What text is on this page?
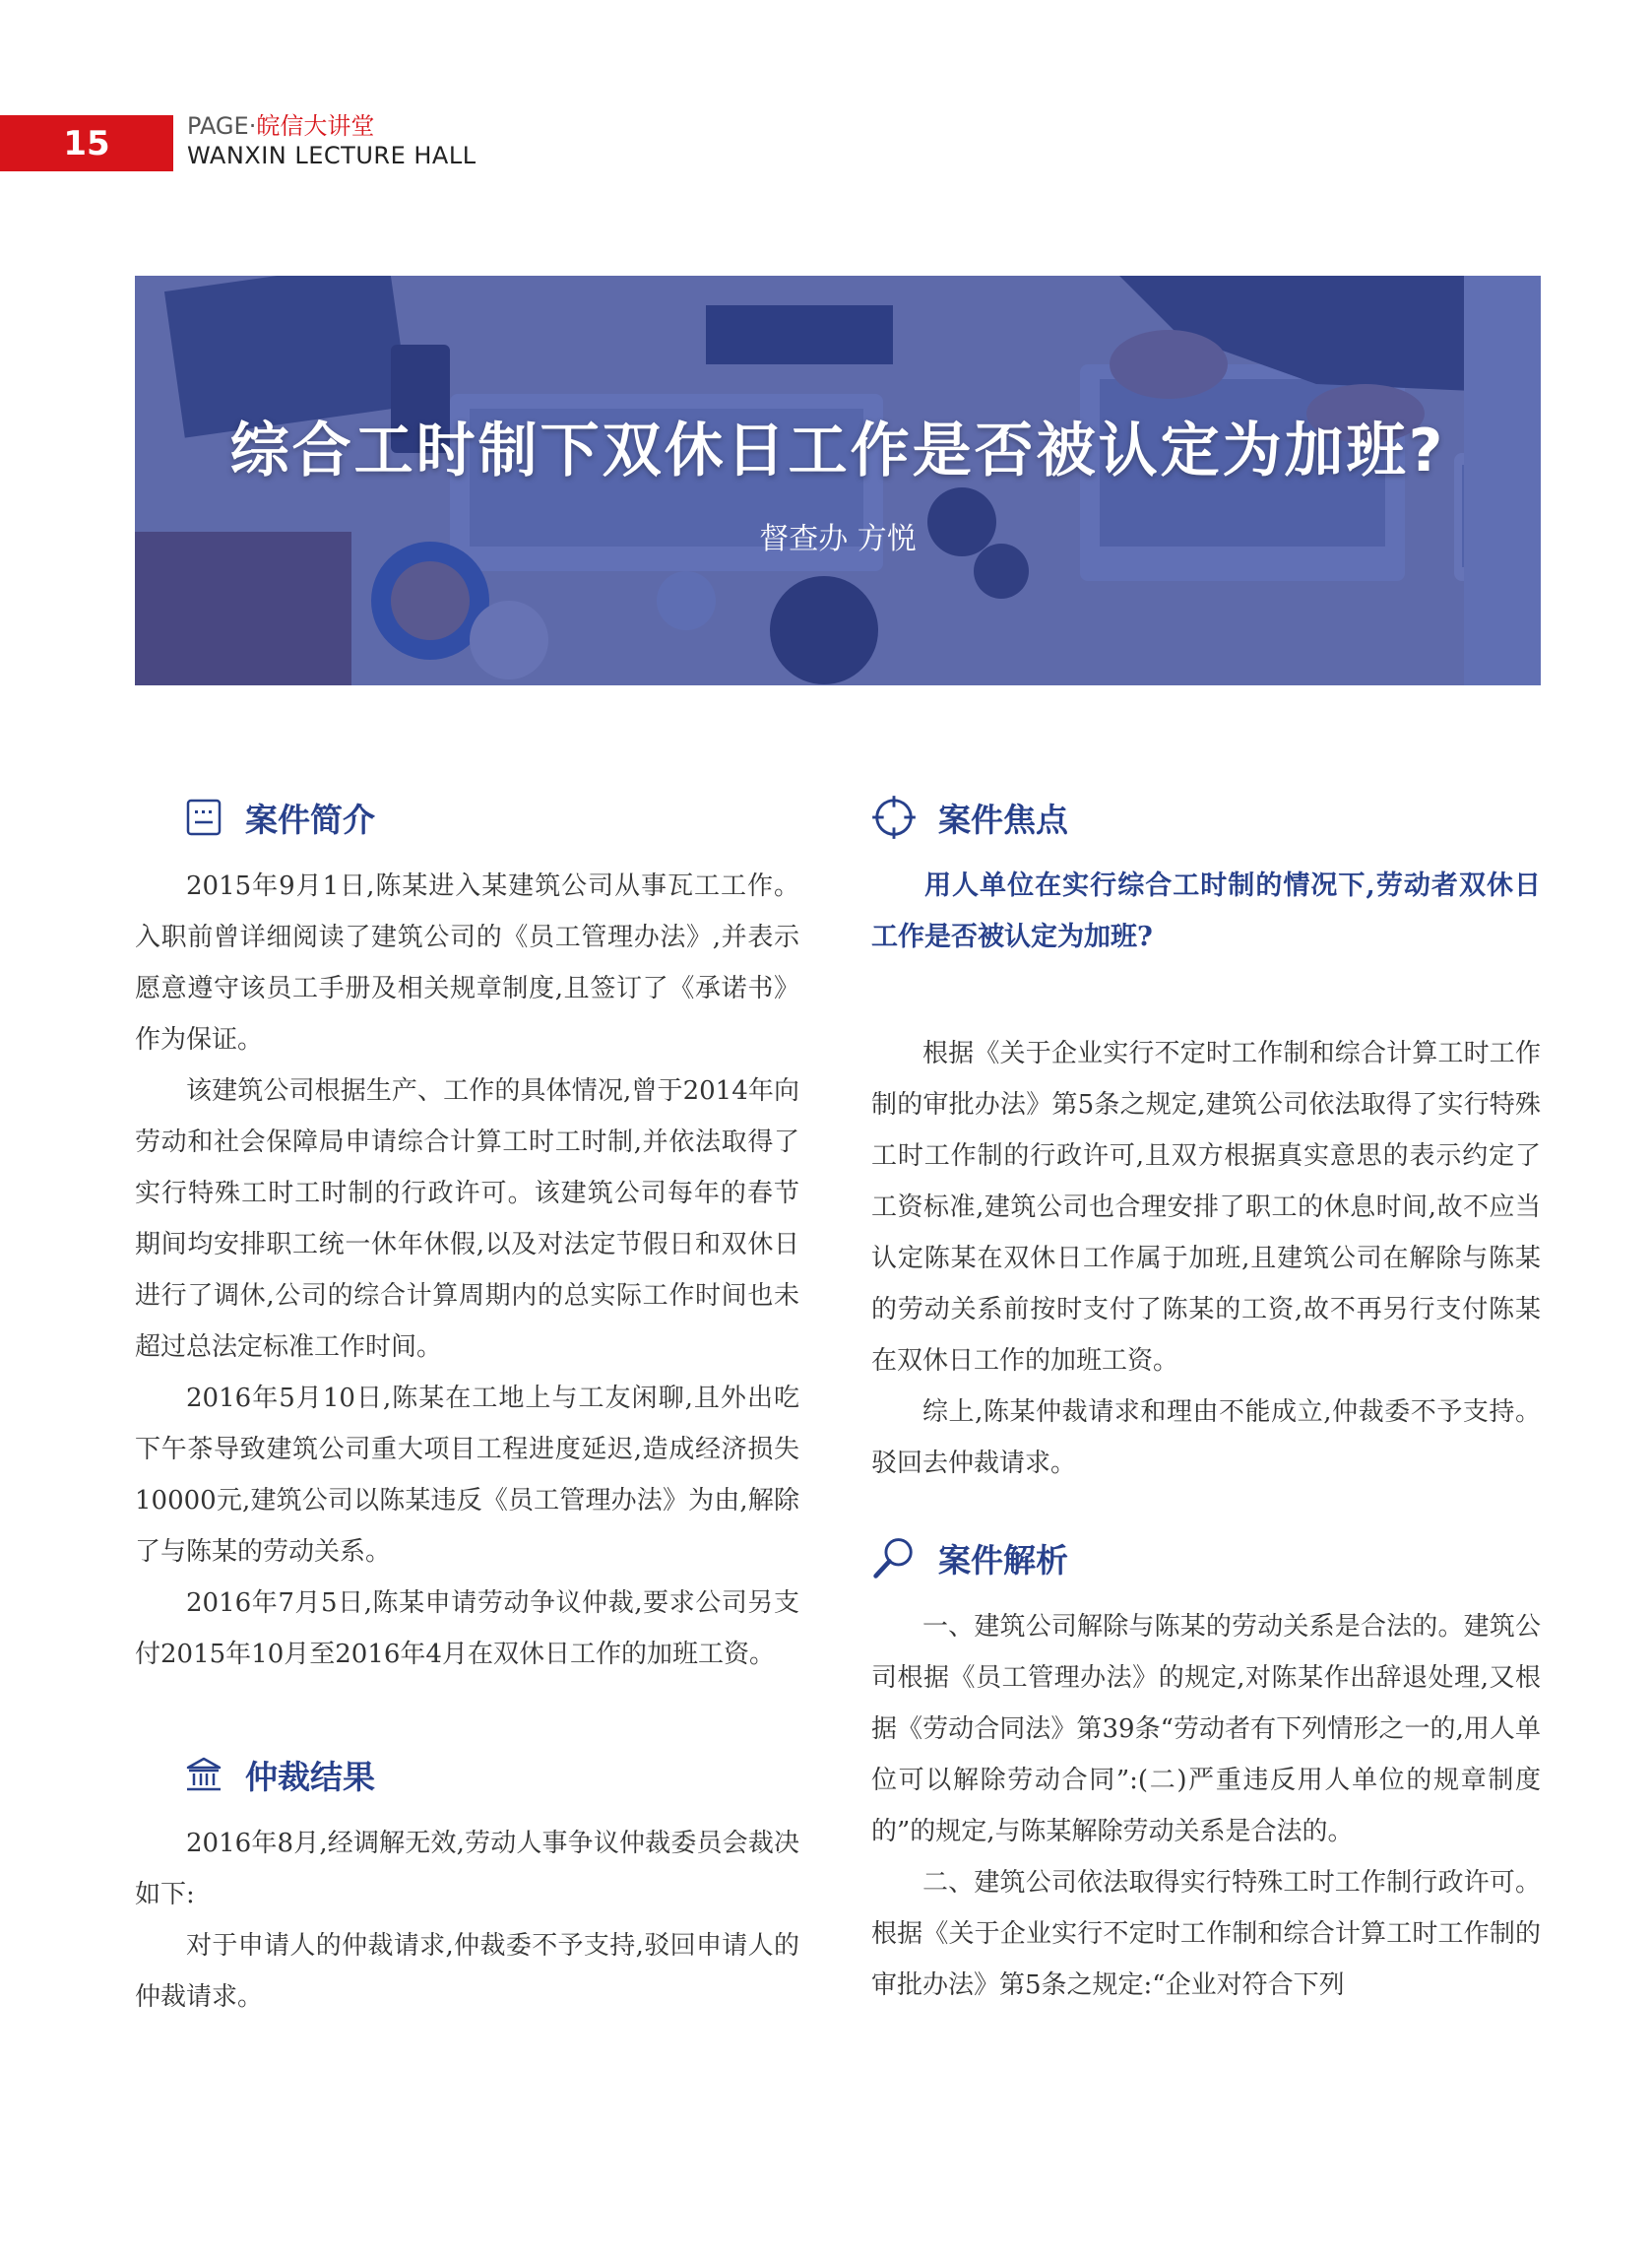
15	PAGE·皖信大讲堂
WANXIN LECTURE HALL
综合工时制下双休日工作是否被认定为加班?
督查办 方悦
案件简介

2015年9月1日,陈某进入某建筑公司从事瓦工工作。入职前曾详细阅读了建筑公司的《员工管理办法》,并表示愿意遵守该员工手册及相关规章制度,且签订了《承诺书》作为保证。

该建筑公司根据生产、工作的具体情况,曾于2014年向劳动和社会保障局申请综合计算工时工时制,并依法取得了实行特殊工时工时制的行政许可。该建筑公司每年的春节期间均安排职工统一休年休假,以及对法定节假日和双休日进行了调休,公司的综合计算周期内的总实际工作时间也未超过总法定标准工作时间。

2016年5月10日,陈某在工地上与工友闲聊,且外出吃下午茶导致建筑公司重大项目工程进度延迟,造成经济损失10000元,建筑公司以陈某违反《员工管理办法》为由,解除了与陈某的劳动关系。

2016年7月5日,陈某申请劳动争议仲裁,要求公司另支付2015年10月至2016年4月在双休日工作的加班工资。

仲裁结果

2016年8月,经调解无效,劳动人事争议仲裁委员会裁决如下:

对于申请人的仲裁请求,仲裁委不予支持,驳回申请人的仲裁请求。

案件焦点

用人单位在实行综合工时制的情况下,劳动者双休日工作是否被认定为加班?

根据《关于企业实行不定时工作制和综合计算工时工作制的审批办法》第5条之规定,建筑公司依法取得了实行特殊工时工作制的行政许可,且双方根据真实意思的表示约定了工资标准,建筑公司也合理安排了职工的休息时间,故不应当认定陈某在双休日工作属于加班,且建筑公司在解除与陈某的劳动关系前按时支付了陈某的工资,故不再另行支付陈某在双休日工作的加班工资。

综上,陈某仲裁请求和理由不能成立,仲裁委不予支持。驳回去仲裁请求。

案件解析

一、建筑公司解除与陈某的劳动关系是合法的。建筑公司根据《员工管理办法》的规定,对陈某作出辞退处理,又根据《劳动合同法》第39条“劳动者有下列情形之一的,用人单位可以解除劳动合同”:(二)严重违反用人单位的规章制度的”的规定,与陈某解除劳动关系是合法的。

二、建筑公司依法取得实行特殊工时工作制行政许可。根据《关于企业实行不定时工作制和综合计算工时工作制的审批办法》第5条之规定:“企业对符合下列
